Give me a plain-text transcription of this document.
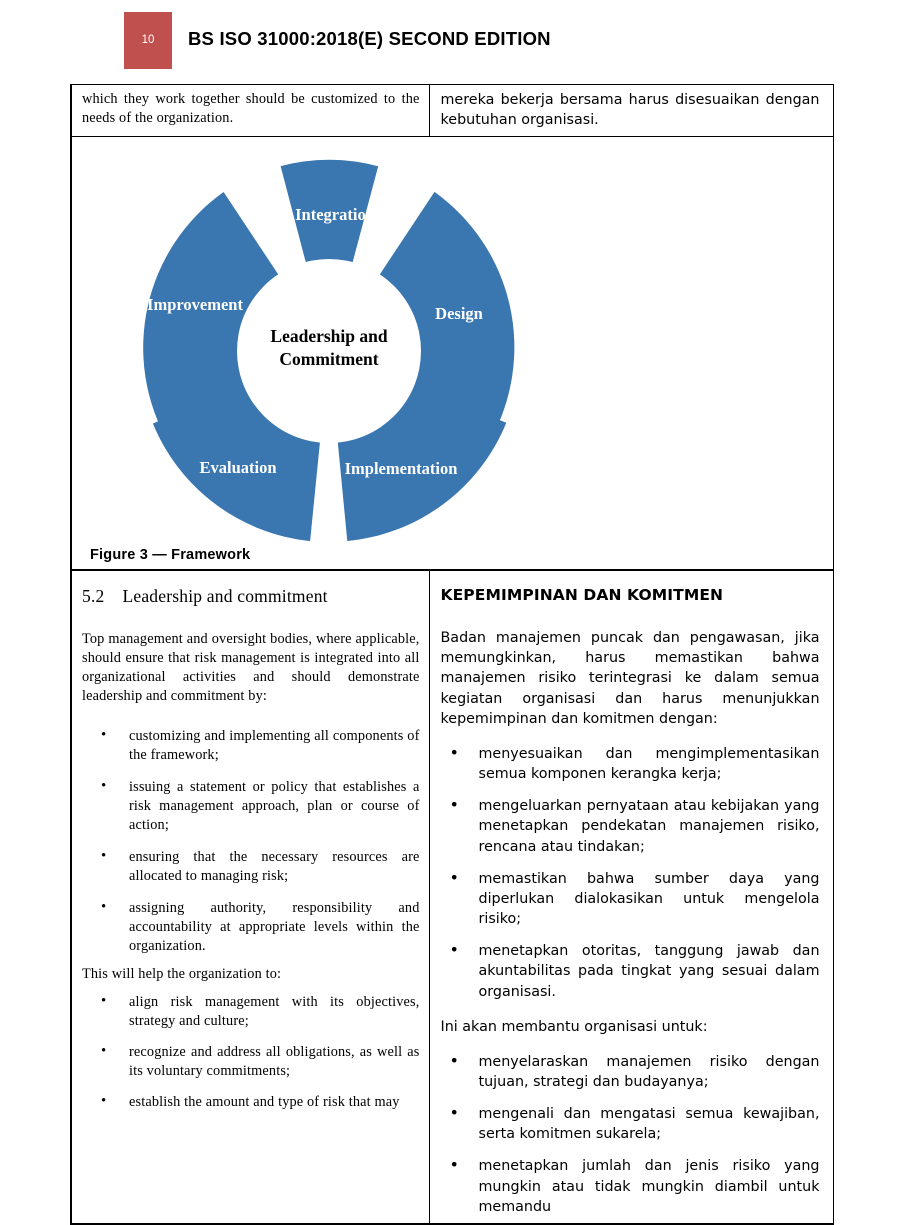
10 BS ISO 31000:2018(E) SECOND EDITION

which they work together should be customized to the needs of the organization.	mereka bekerja bersama harus disesuaikan dengan kebutuhan organisasi.

Integration
Design
Implementation
Evaluation
Improvement
Leadership and
Commitment
Figure 3 — Framework

5.2 Leadership and commitment

Top management and oversight bodies, where applicable, should ensure that risk management is integrated into all organizational activities and should demonstrate leadership and commitment by:

• customizing and implementing all components of the framework;
• issuing a statement or policy that establishes a risk management approach, plan or course of action;
• ensuring that the necessary resources are allocated to managing risk;
• assigning authority, responsibility and accountability at appropriate levels within the organization.

This will help the organization to:

• align risk management with its objectives, strategy and culture;
• recognize and address all obligations, as well as its voluntary commitments;
• establish the amount and type of risk that may

KEPEMIMPINAN DAN KOMITMEN

Badan manajemen puncak dan pengawasan, jika memungkinkan, harus memastikan bahwa manajemen risiko terintegrasi ke dalam semua kegiatan organisasi dan harus menunjukkan kepemimpinan dan komitmen dengan:

• menyesuaikan dan mengimplementasikan semua komponen kerangka kerja;
• mengeluarkan pernyataan atau kebijakan yang menetapkan pendekatan manajemen risiko, rencana atau tindakan;
• memastikan bahwa sumber daya yang diperlukan dialokasikan untuk mengelola risiko;
• menetapkan otoritas, tanggung jawab dan akuntabilitas pada tingkat yang sesuai dalam organisasi.

Ini akan membantu organisasi untuk:

• menyelaraskan manajemen risiko dengan tujuan, strategi dan budayanya;
• mengenali dan mengatasi semua kewajiban, serta komitmen sukarela;
• menetapkan jumlah dan jenis risiko yang mungkin atau tidak mungkin diambil untuk memandu
